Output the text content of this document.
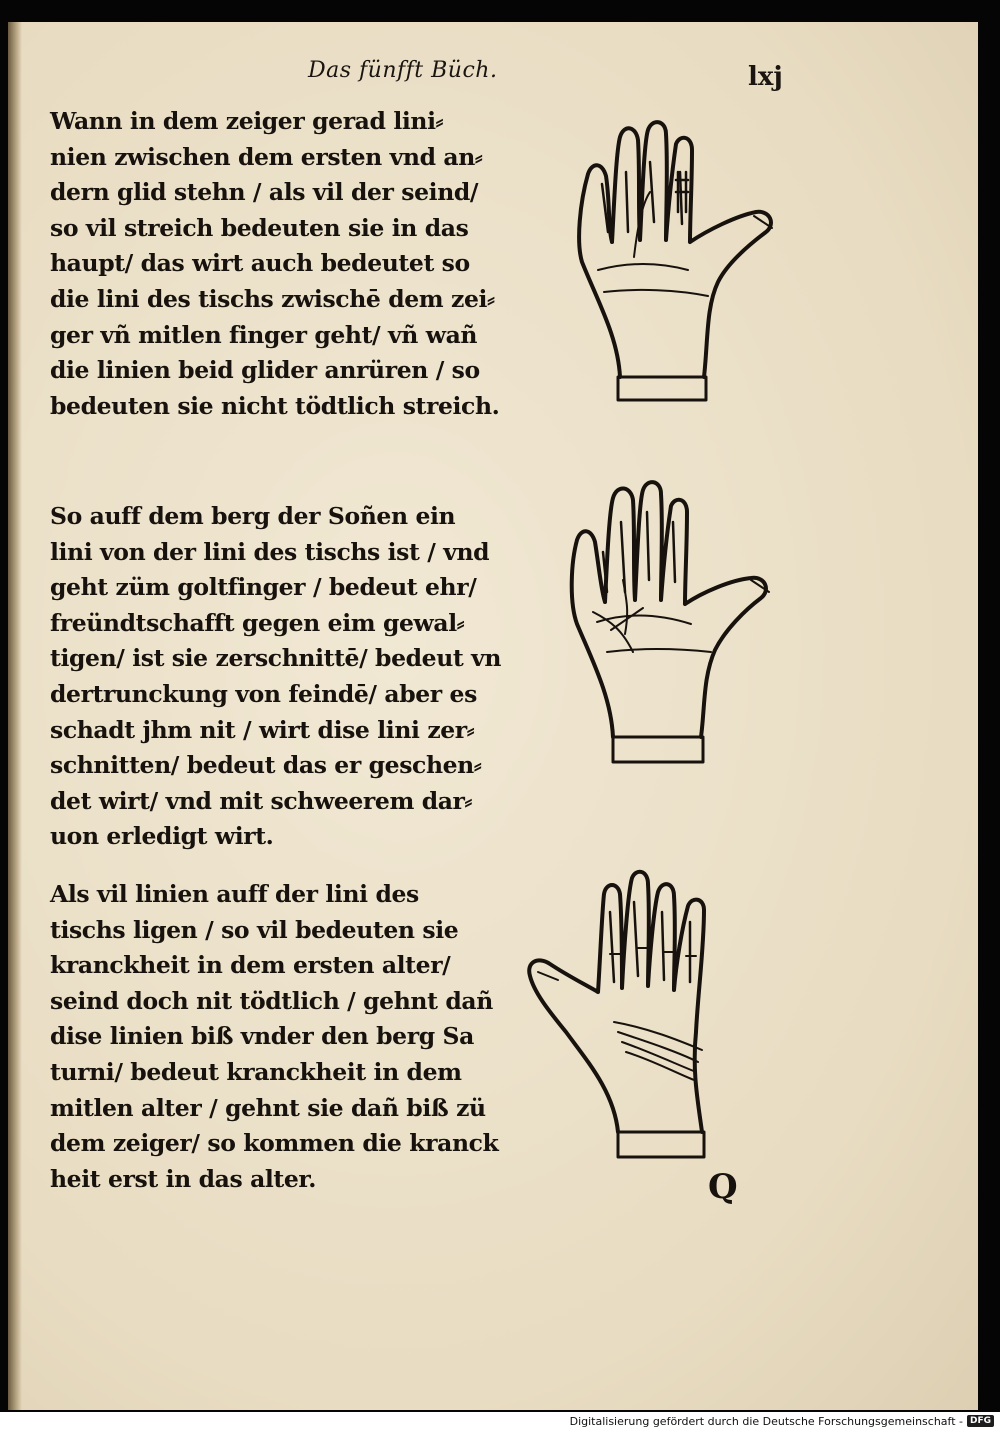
Das fünfft Büch.	lxj
Wann in dem zeiger gerad lini⸗
nien zwischen dem ersten vnd an⸗
dern glid stehn / als vil der seind/
so vil streich bedeuten sie in das
haupt/ das wirt auch bedeutet so
die lini des tischs zwischē dem zei⸗
ger vñ mitlen finger geht/ vñ wañ
die linien beid glider anrüren / so
bedeuten sie nicht tödtlich streich.
So auff dem berg der Soñen ein
lini von der lini des tischs ist / vnd
geht züm goltfinger / bedeut ehr/
freündtschafft gegen eim gewal⸗
tigen/ ist sie zerschnittē/ bedeut vn
dertrunckung von feindē/ aber es
schadt jhm nit / wirt dise lini zer⸗
schnitten/ bedeut das er geschen⸗
det wirt/ vnd mit schweerem dar⸗
uon erledigt wirt.
Als vil linien auff der lini des
tischs ligen / so vil bedeuten sie
kranckheit in dem ersten alter/
seind doch nit tödtlich / gehnt dañ
dise linien biß vnder den berg Sa
turni/ bedeut kranckheit in dem
mitlen alter / gehnt sie dañ biß zü
dem zeiger/ so kommen die kranck
heit erst in das alter.	Q
Digitalisierung gefördert durch die Deutsche Forschungsgemeinschaft - DFG
